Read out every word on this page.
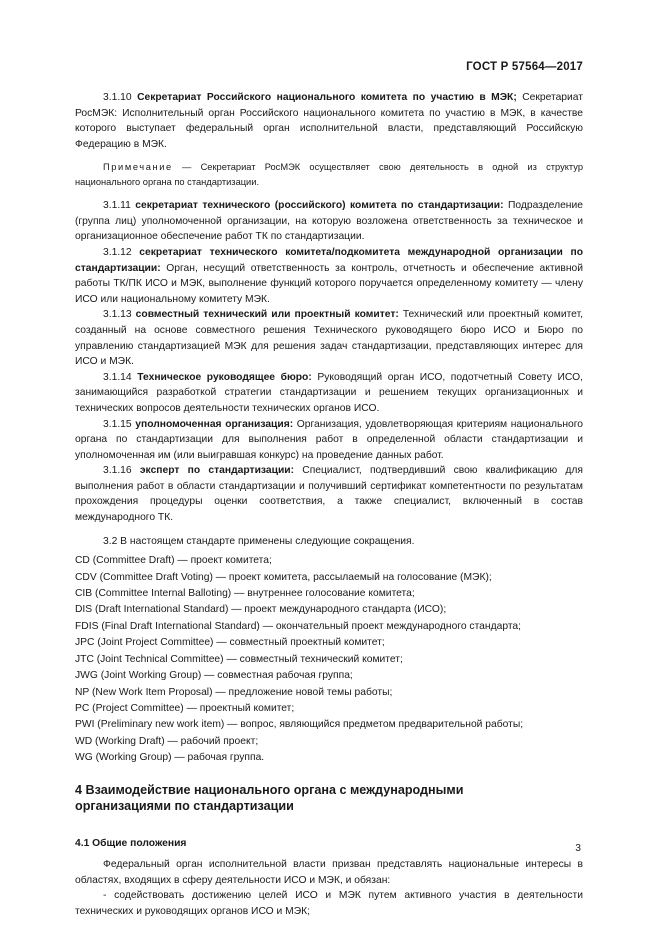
ГОСТ Р 57564—2017

3.1.10 Секретариат Российского национального комитета по участию в МЭК; Секретариат РосМЭК: Исполнительный орган Российского национального комитета по участию в МЭК, в качестве которого выступает федеральный орган исполнительной власти, представляющий Российскую Федерацию в МЭК.

Примечание — Секретариат РосМЭК осуществляет свою деятельность в одной из структур национального органа по стандартизации.

3.1.11 секретариат технического (российского) комитета по стандартизации: Подразделение (группа лиц) уполномоченной организации, на которую возложена ответственность за техническое и организационное обеспечение работ ТК по стандартизации.

3.1.12 секретариат технического комитета/подкомитета международной организации по стандартизации: Орган, несущий ответственность за контроль, отчетность и обеспечение активной работы ТК/ПК ИСО и МЭК, выполнение функций которого поручается определенному комитету — члену ИСО или национальному комитету МЭК.

3.1.13 совместный технический или проектный комитет: Технический или проектный комитет, созданный на основе совместного решения Технического руководящего бюро ИСО и Бюро по управлению стандартизацией МЭК для решения задач стандартизации, представляющих интерес для ИСО и МЭК.

3.1.14 Техническое руководящее бюро: Руководящий орган ИСО, подотчетный Совету ИСО, занимающийся разработкой стратегии стандартизации и решением текущих организационных и технических вопросов деятельности технических органов ИСО.

3.1.15 уполномоченная организация: Организация, удовлетворяющая критериям национального органа по стандартизации для выполнения работ в определенной области стандартизации и уполномоченная им (или выигравшая конкурс) на проведение данных работ.

3.1.16 эксперт по стандартизации: Специалист, подтвердивший свою квалификацию для выполнения работ в области стандартизации и получивший сертификат компетентности по результатам прохождения процедуры оценки соответствия, а также специалист, включенный в состав международного ТК.

3.2 В настоящем стандарте применены следующие сокращения.

CD (Committee Draft) — проект комитета;

CDV (Committee Draft Voting) — проект комитета, рассылаемый на голосование (МЭК);

CIB (Committee Internal Balloting) — внутреннее голосование комитета;

DIS (Draft International Standard) — проект международного стандарта (ИСО);

FDIS (Final Draft International Standard) — окончательный проект международного стандарта;

JPC (Joint Project Committee) — совместный проектный комитет;

JTC (Joint Technical Committee) — совместный технический комитет;

JWG (Joint Working Group) — совместная рабочая группа;

NP (New Work Item Proposal) — предложение новой темы работы;

PC (Project Committee) — проектный комитет;

PWI (Preliminary new work item) — вопрос, являющийся предметом предварительной работы;

WD (Working Draft) — рабочий проект;

WG (Working Group) — рабочая группа.

4 Взаимодействие национального органа с международными
организациями по стандартизации
4.1 Общие положения

Федеральный орган исполнительной власти призван представлять национальные интересы в областях, входящих в сферу деятельности ИСО и МЭК, и обязан:

- содействовать достижению целей ИСО и МЭК путем активного участия в деятельности технических и руководящих органов ИСО и МЭК;

3
